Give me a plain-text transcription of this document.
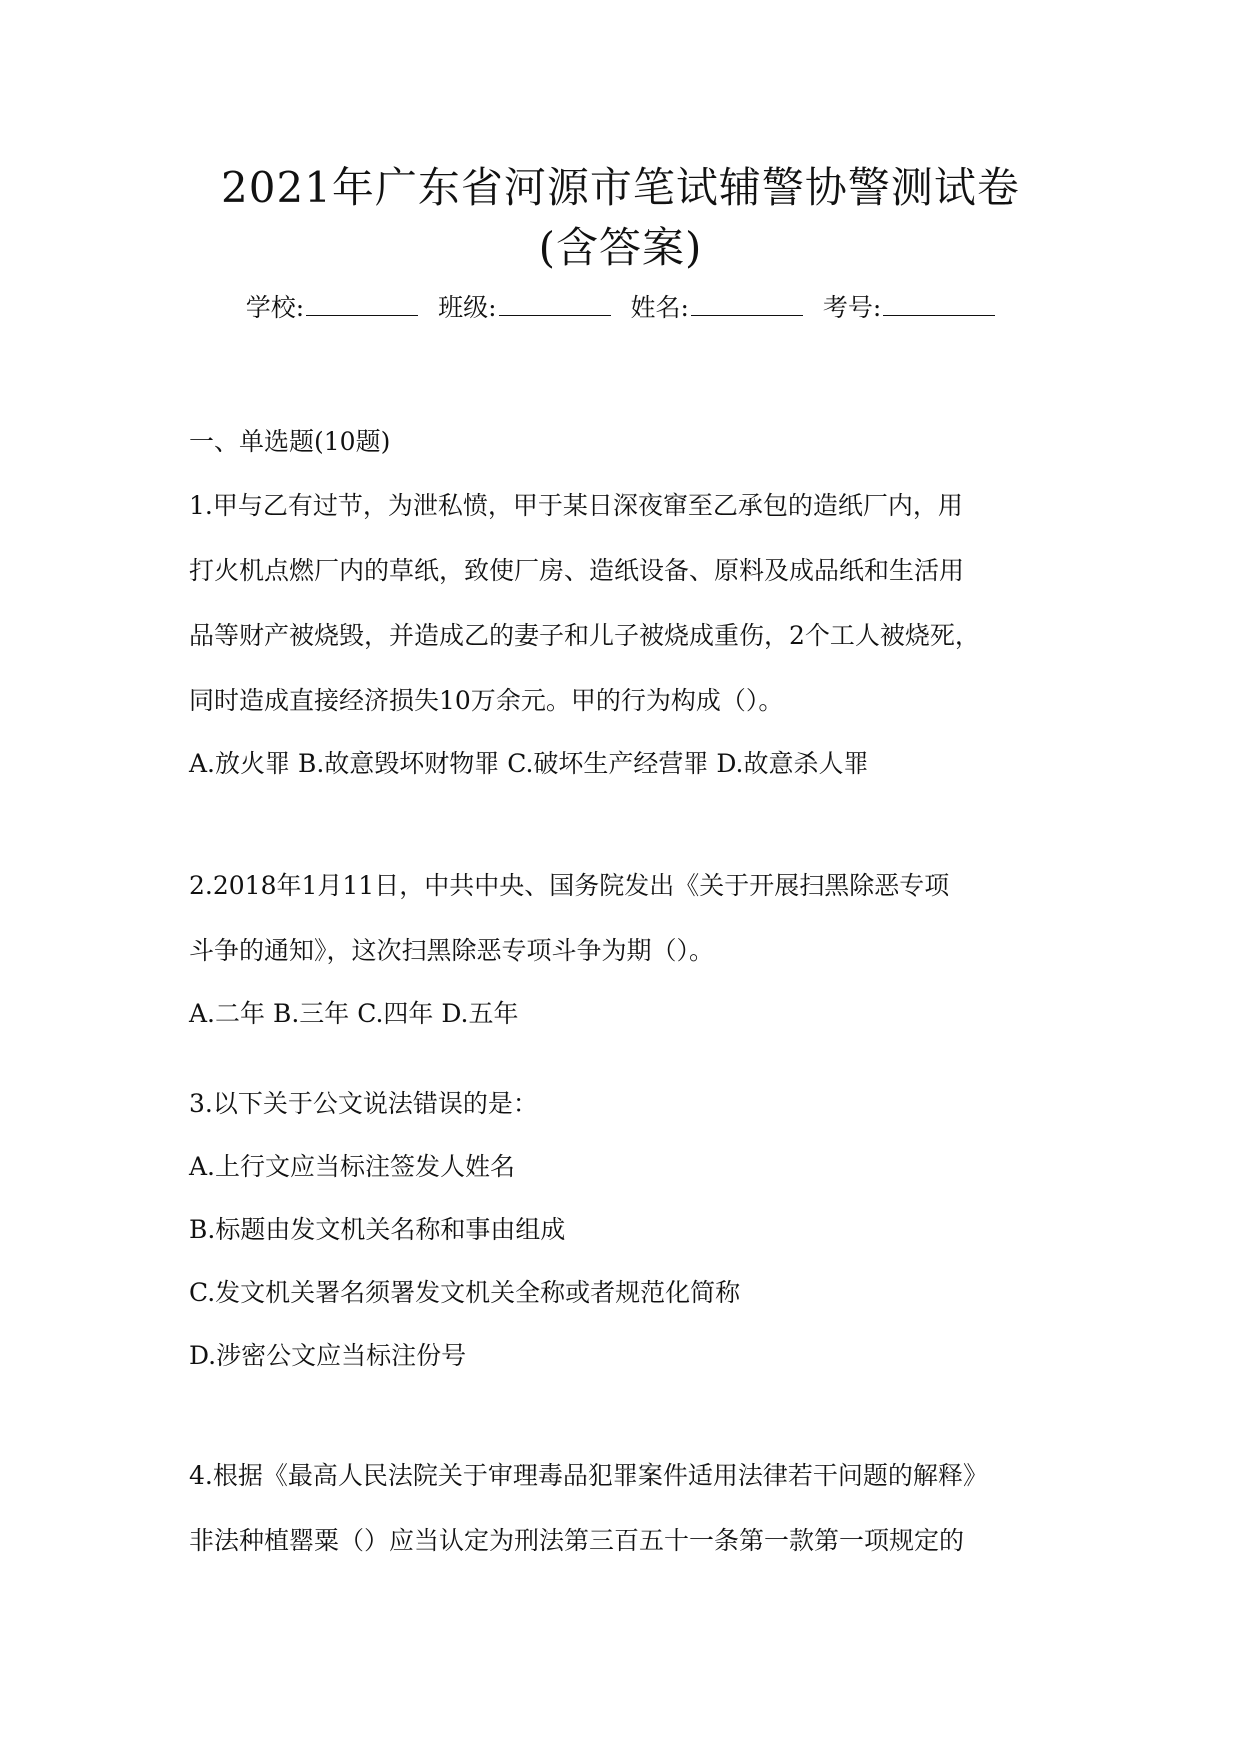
2021年广东省河源市笔试辅警协警测试卷
(含答案)
学校:	班级:	姓名:	考号:
一、单选题(10题)
1.甲与乙有过节，为泄私愤，甲于某日深夜窜至乙承包的造纸厂内，用
打火机点燃厂内的草纸，致使厂房、造纸设备、原料及成品纸和生活用
品等财产被烧毁，并造成乙的妻子和儿子被烧成重伤，2个工人被烧死，
同时造成直接经济损失10万余元。甲的行为构成（）。
A.放火罪 B.故意毁坏财物罪 C.破坏生产经营罪 D.故意杀人罪
2.2018年1月11日，中共中央、国务院发出《关于开展扫黑除恶专项
斗争的通知》，这次扫黑除恶专项斗争为期（）。
A.二年 B.三年 C.四年 D.五年
3.以下关于公文说法错误的是：
A.上行文应当标注签发人姓名
B.标题由发文机关名称和事由组成
C.发文机关署名须署发文机关全称或者规范化简称
D.涉密公文应当标注份号
4.根据《最高人民法院关于审理毒品犯罪案件适用法律若干问题的解释》
非法种植罂粟（）应当认定为刑法第三百五十一条第一款第一项规定的
